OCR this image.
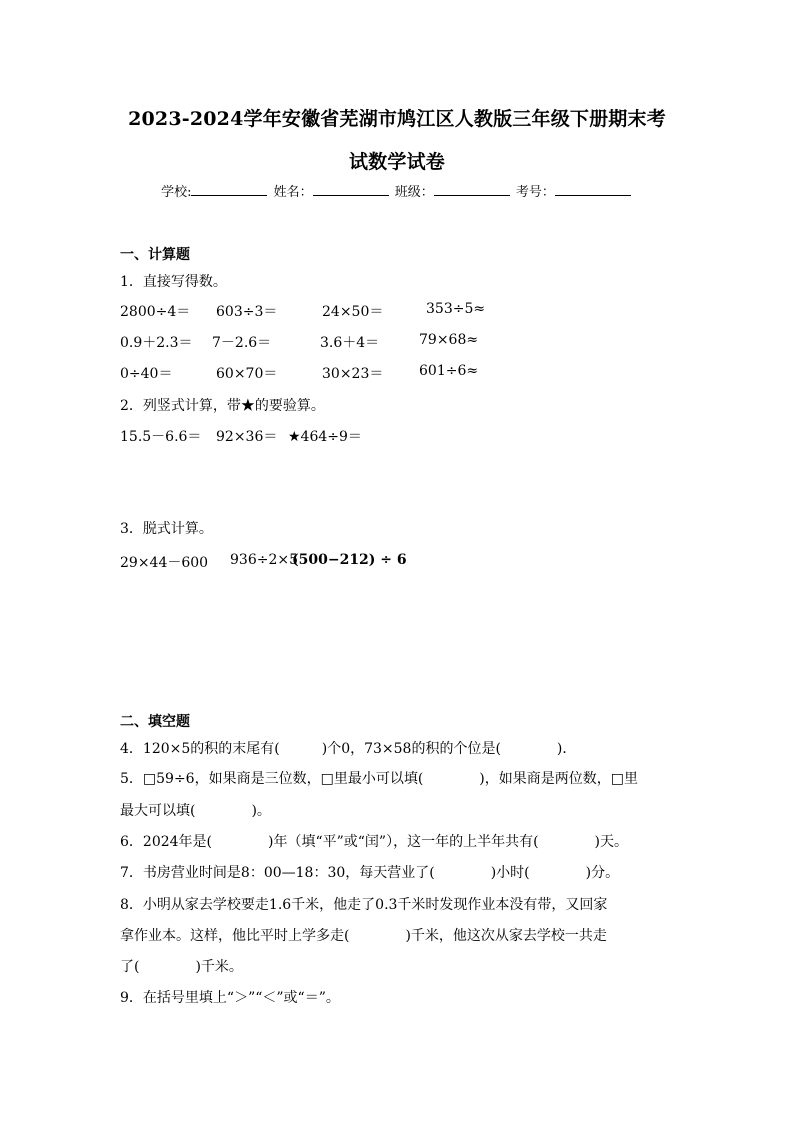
2023-2024学年安徽省芜湖市鸠江区人教版三年级下册期末考
试数学试卷
学校:	姓名：	班级：	考号：
一、计算题
1．直接写得数。
2800÷4＝ 603÷3＝	24×50＝	353÷5≈
0.9＋2.3＝ 7－2.6＝	3.6＋4＝	79×68≈
0÷40＝	60×70＝	30×23＝	601÷6≈
2．列竖式计算，带★的要验算。
15.5－6.6＝ 92×36＝ ★464÷9＝
3．脱式计算。
29×44－600 936÷2×5
(500−212) ÷ 6
二、填空题
4．120×5的积的末尾有(　　　)个0，73×58的积的个位是(　　　　)．
5．□59÷6，如果商是三位数，□里最小可以填(　　　　)，如果商是两位数，□里
最大可以填(　　　　)。
6．2024年是(　　　　)年（填“平”或“闰”），这一年的上半年共有(　　　　)天。
7．书房营业时间是8：00—18：30，每天营业了(　　　　)小时(　　　　)分。
8．小明从家去学校要走1.6千米，他走了0.3千米时发现作业本没有带，又回家
拿作业本。这样，他比平时上学多走(　　　　)千米，他这次从家去学校一共走
了(　　　　)千米。
9．在括号里填上“＞”“＜”或“＝”。
